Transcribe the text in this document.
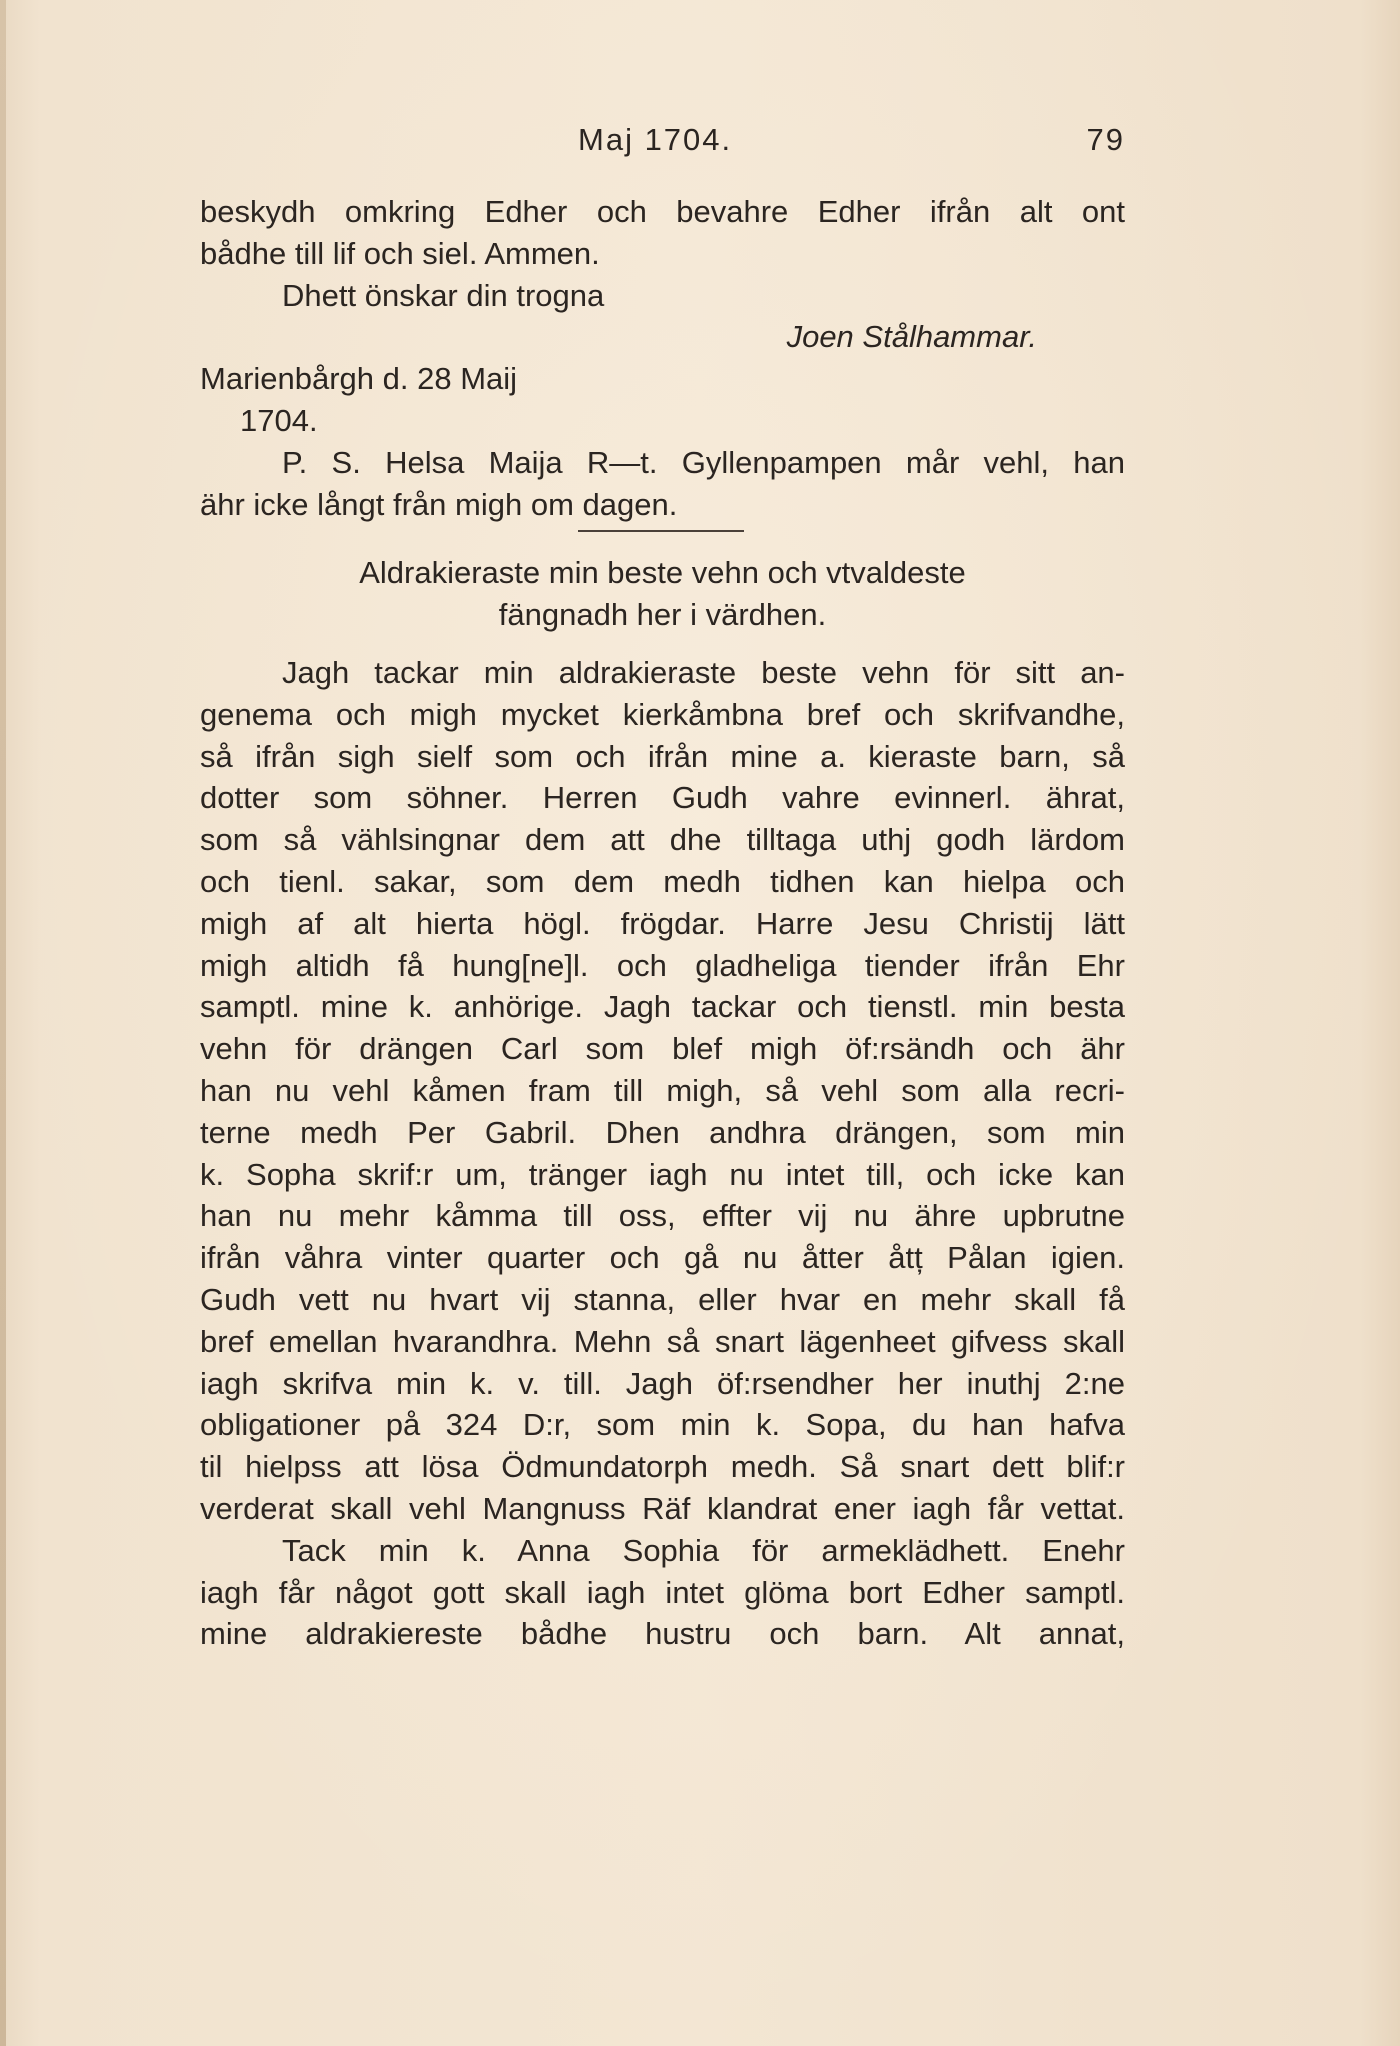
Maj 1704.	79
beskydh omkring Edher och bevahre Edher ifrån alt ont
bådhe till lif och siel. Ammen.
Dhett önskar din trogna
Joen Stålhammar.
Marienbårgh d. 28 Maij
1704.
P. S. Helsa Maija R—t. Gyllenpampen mår vehl, han
ähr icke långt från migh om dagen.
Aldrakieraste min beste vehn och vtvaldeste
fängnadh her i värdhen.
Jagh tackar min aldrakieraste beste vehn för sitt an-
genema och migh mycket kierkåmbna bref och skrifvandhe,
så ifrån sigh sielf som och ifrån mine a. kieraste barn, så
dotter som söhner. Herren Gudh vahre evinnerl. ährat,
som så vählsingnar dem att dhe tilltaga uthj godh lärdom
och tienl. sakar, som dem medh tidhen kan hielpa och
migh af alt hierta högl. frögdar. Harre Jesu Christij lätt
migh altidh få hung[ne]l. och gladheliga tiender ifrån Ehr
samptl. mine k. anhörige. Jagh tackar och tienstl. min besta
vehn för drängen Carl som blef migh öf:rsändh och ähr
han nu vehl kåmen fram till migh, så vehl som alla recri-
terne medh Per Gabril. Dhen andhra drängen, som min
k. Sopha skrif:r um, tränger iagh nu intet till, och icke kan
han nu mehr kåmma till oss, effter vij nu ähre upbrutne
ifrån våhra vinter quarter och gå nu åtter åtț Pålan igien.
Gudh vett nu hvart vij stanna, eller hvar en mehr skall få
bref emellan hvarandhra. Mehn så snart lägenheet gifvess skall
iagh skrifva min k. v. till. Jagh öf:rsendher her inuthj 2:ne
obligationer på 324 D:r, som min k. Sopa, du han hafva
til hielpss att lösa Ödmundatorph medh. Så snart dett blif:r
verderat skall vehl Mangnuss Räf klandrat ener iagh får vettat.
Tack min k. Anna Sophia för armeklädhett. Enehr
iagh får något gott skall iagh intet glöma bort Edher samptl.
mine aldrakiereste bådhe hustru och barn. Alt annat,
